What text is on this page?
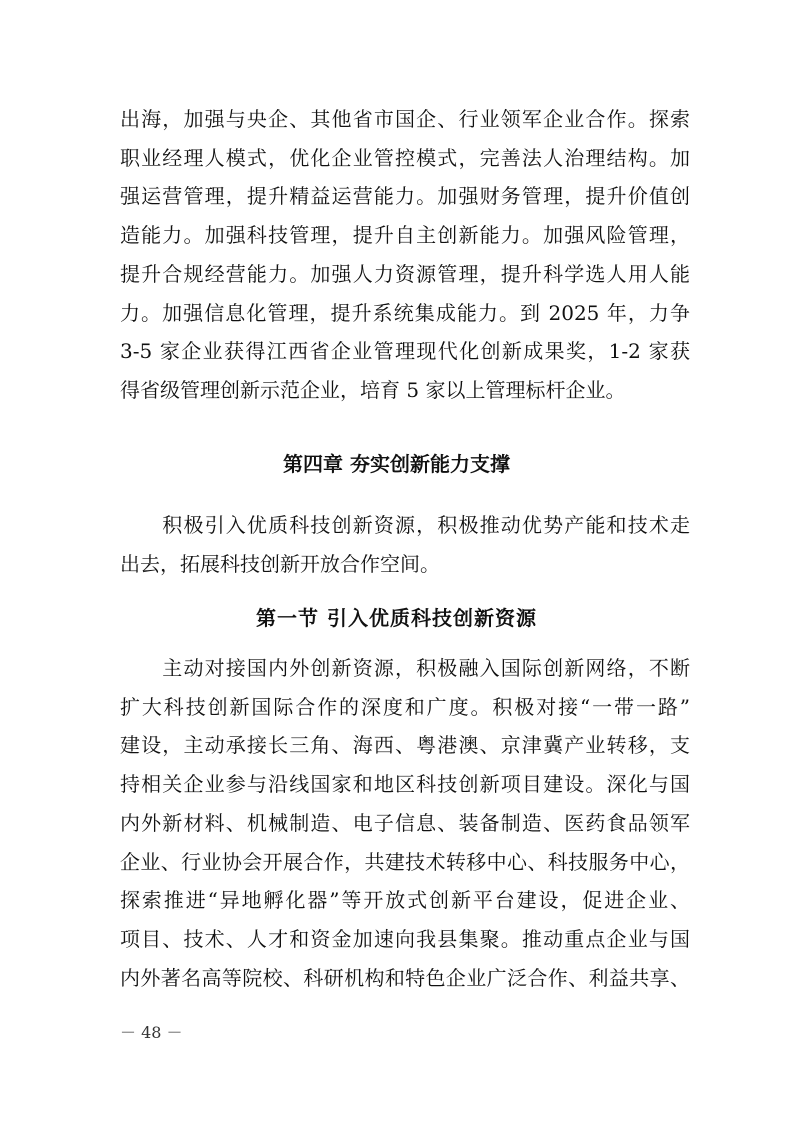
出海，加强与央企、其他省市国企、行业领军企业合作。探索
职业经理人模式，优化企业管控模式，完善法人治理结构。加
强运营管理，提升精益运营能力。加强财务管理，提升价值创
造能力。加强科技管理，提升自主创新能力。加强风险管理，
提升合规经营能力。加强人力资源管理，提升科学选人用人能
力。加强信息化管理，提升系统集成能力。到 2025 年，力争
3-5 家企业获得江西省企业管理现代化创新成果奖，1-2 家获
得省级管理创新示范企业，培育 5 家以上管理标杆企业。
第四章 夯实创新能力支撑
　　积极引入优质科技创新资源，积极推动优势产能和技术走
出去，拓展科技创新开放合作空间。
第一节 引入优质科技创新资源
　　主动对接国内外创新资源，积极融入国际创新网络，不断
扩大科技创新国际合作的深度和广度。积极对接“一带一路”
建设，主动承接长三角、海西、粤港澳、京津冀产业转移，支
持相关企业参与沿线国家和地区科技创新项目建设。深化与国
内外新材料、机械制造、电子信息、装备制造、医药食品领军
企业、行业协会开展合作，共建技术转移中心、科技服务中心，
探索推进“异地孵化器”等开放式创新平台建设，促进企业、
项目、技术、人才和资金加速向我县集聚。推动重点企业与国
内外著名高等院校、科研机构和特色企业广泛合作、利益共享、
－ 48 －
